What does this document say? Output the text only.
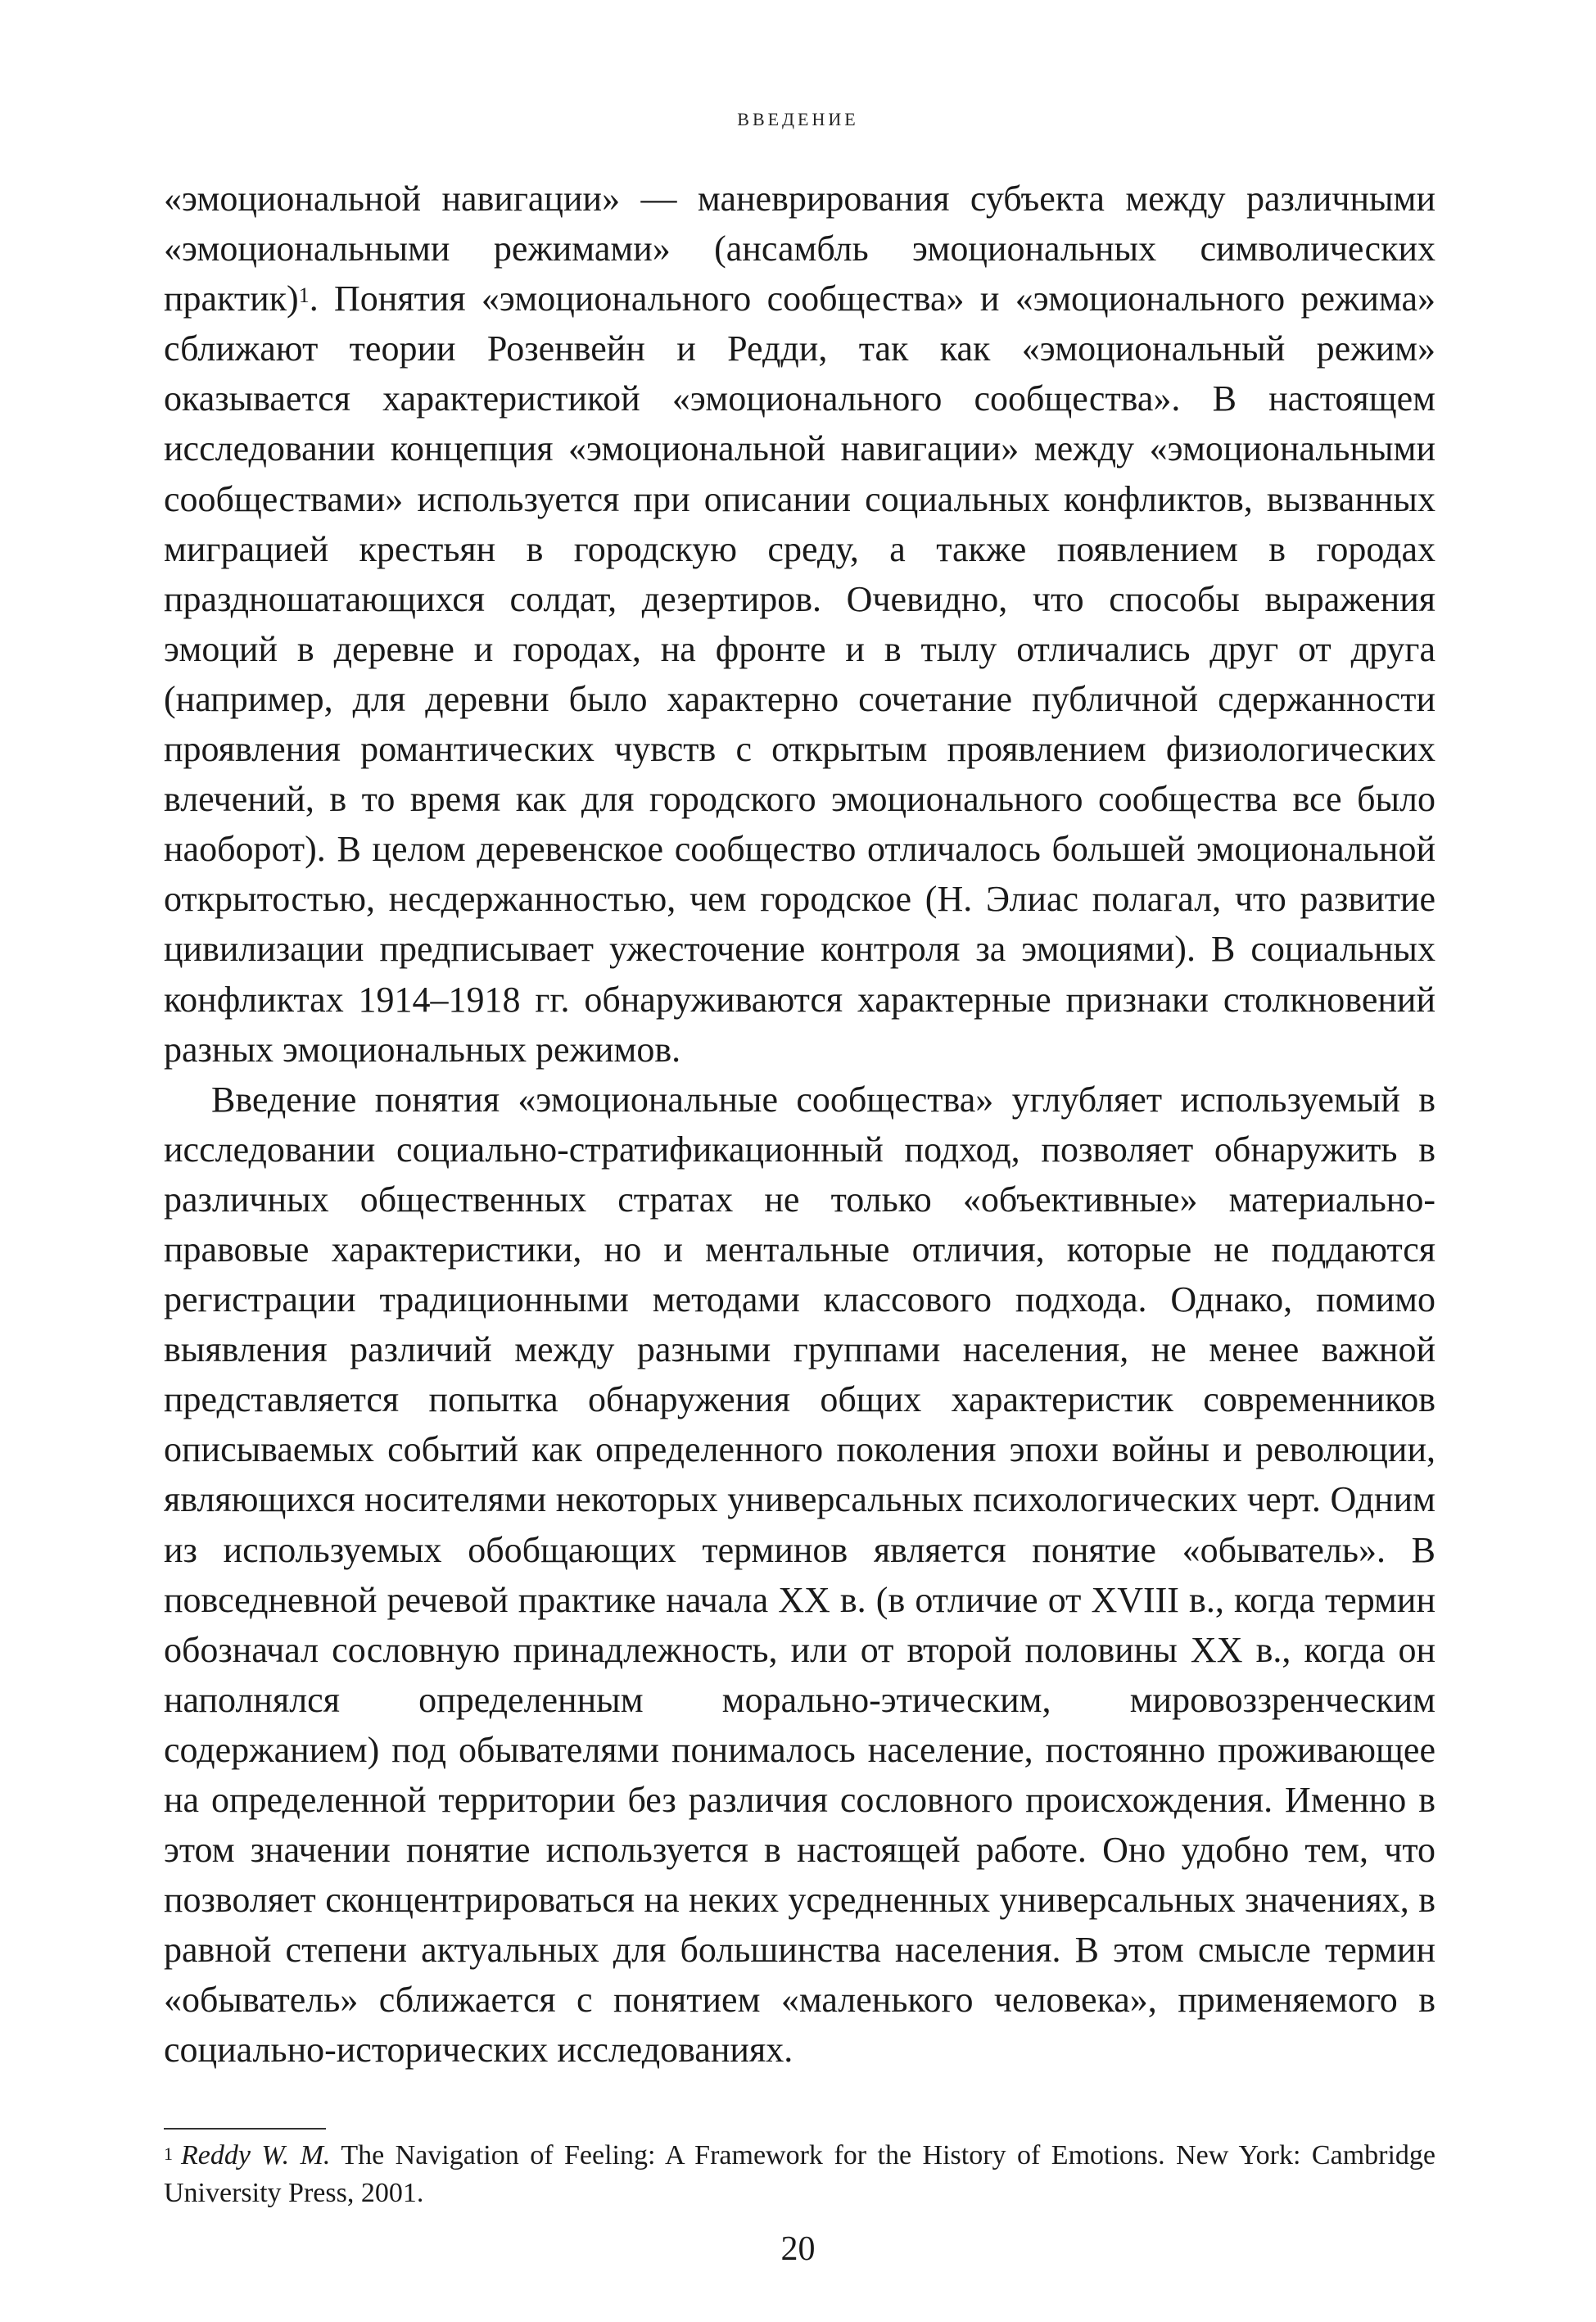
ВВЕДЕНИЕ

«эмоциональной навигации» — маневрирования субъекта между различными «эмоциональными режимами» (ансамбль эмоциональных символических практик)$^1$. Понятия «эмоционального сообщества» и «эмоционального режима» сближают теории Розенвейн и Редди, так как «эмоциональный режим» оказывается характеристикой «эмоционального сообщества». В настоящем исследовании концепция «эмоциональной навигации» между «эмоциональными сообществами» используется при описании социальных конфликтов, вызванных миграцией крестьян в городскую среду, а также появлением в городах праздношатающихся солдат, дезертиров. Очевидно, что способы выражения эмоций в деревне и городах, на фронте и в тылу отличались друг от друга (например, для деревни было характерно сочетание публичной сдержанности проявления романтических чувств с открытым проявлением физиологических влечений, в то время как для городского эмоционального сообщества все было наоборот). В целом деревенское сообщество отличалось большей эмоциональной открытостью, несдержанностью, чем городское (Н. Элиас полагал, что развитие цивилизации предписывает ужесточение контроля за эмоциями). В социальных конфликтах 1914–1918 гг. обнаруживаются характерные признаки столкновений разных эмоциональных режимов.

Введение понятия «эмоциональные сообщества» углубляет используемый в исследовании социально-стратификационный подход, позволяет обнаружить в различных общественных стратах не только «объективные» материально-правовые характеристики, но и ментальные отличия, которые не поддаются регистрации традиционными методами классового подхода. Однако, помимо выявления различий между разными группами населения, не менее важной представляется попытка обнаружения общих характеристик современников описываемых событий как определенного поколения эпохи войны и революции, являющихся носителями некоторых универсальных психологических черт. Одним из используемых обобщающих терминов является понятие «обыватель». В повседневной речевой практике начала XX в. (в отличие от XVIII в., когда термин обозначал сословную принадлежность, или от второй половины XX в., когда он наполнялся определенным морально-этическим, мировоззренческим содержанием) под обывателями понималось население, постоянно проживающее на определенной территории без различия сословного происхождения. Именно в этом значении понятие используется в настоящей работе. Оно удобно тем, что позволяет сконцентрироваться на неких усредненных универсальных значениях, в равной степени актуальных для большинства населения. В этом смысле термин «обыватель» сближается с понятием «маленького человека», применяемого в социально-исторических исследованиях.

$^1$ Reddy W. M. The Navigation of Feeling: A Framework for the History of Emotions. New York: Cambridge University Press, 2001.
20
